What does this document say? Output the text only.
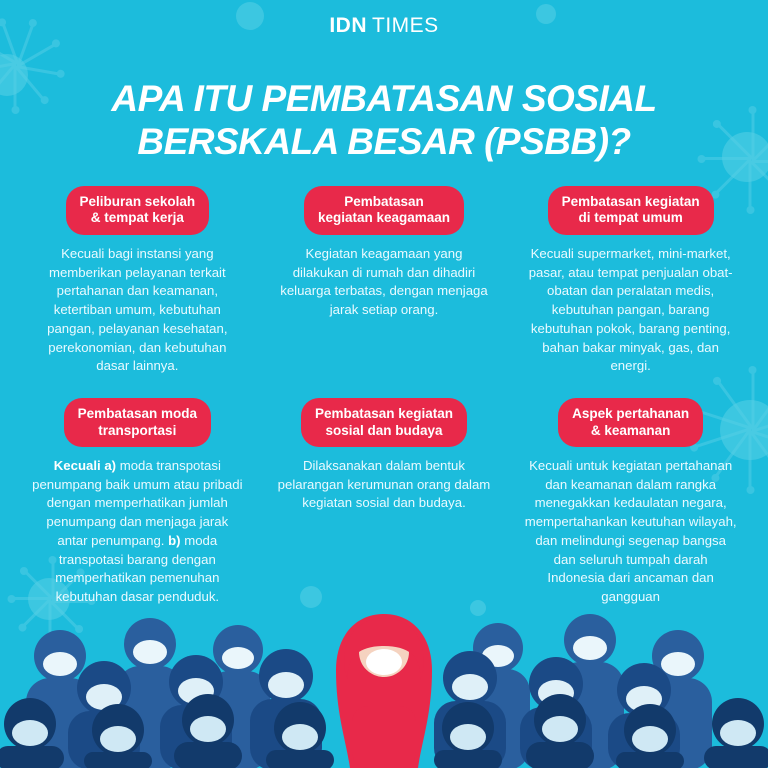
IDN TIMES
APA ITU PEMBATASAN SOSIAL
BERSKALA BESAR (PSBB)?
Peliburan sekolah
& tempat kerja
Kecuali bagi instansi yang memberikan pelayanan terkait pertahanan dan keamanan, ketertiban umum, kebutuhan pangan, pelayanan kesehatan, perekonomian, dan kebutuhan dasar lainnya.
Pembatasan
kegiatan keagamaan
Kegiatan keagamaan yang dilakukan di rumah dan dihadiri keluarga terbatas, dengan menjaga jarak setiap orang.
Pembatasan kegiatan
di tempat umum
Kecuali supermarket, mini-market, pasar, atau tempat penjualan obat-obatan dan peralatan medis, kebutuhan pangan, barang kebutuhan pokok, barang penting, bahan bakar minyak, gas, dan energi.
Pembatasan moda
transportasi
Kecuali a) moda transpotasi penumpang baik umum atau pribadi dengan memperhatikan jumlah penumpang dan menjaga jarak antar penumpang. b) moda transpotasi barang dengan memperhatikan pemenuhan kebutuhan dasar penduduk.
Pembatasan kegiatan
sosial dan budaya
Dilaksanakan dalam bentuk pelarangan kerumunan orang dalam kegiatan sosial dan budaya.
Aspek pertahanan
& keamanan
Kecuali untuk kegiatan pertahanan dan keamanan dalam rangka menegakkan kedaulatan negara, mempertahankan keutuhan wilayah, dan melindungi segenap bangsa dan seluruh tumpah darah Indonesia dari ancaman dan gangguan
